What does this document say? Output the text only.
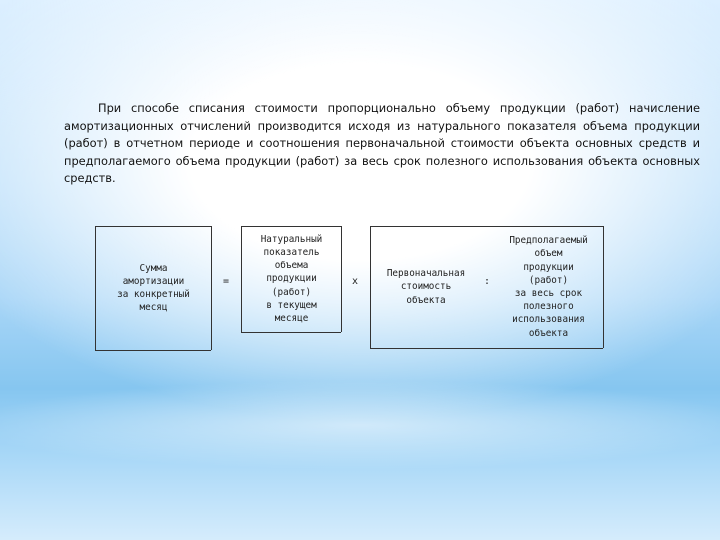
При способе списания стоимости пропорционально объему продукции (работ) начисление амортизационных отчислений производится исходя из натурального показателя объема продукции (работ) в отчетном периоде и соотношения первоначальной стоимости объекта основных средств и предполагаемого объема продукции (работ) за весь срок полезного использования объекта основных средств.

Сумма
амортизации
за конкретный
месяц
=
Натуральный
показатель
объема
продукции
(работ)
в текущем
месяце
x
Первоначальная
стоимость
объекта
:
Предполагаемый
объем
продукции
(работ)
за весь срок
полезного
использования
объекта
